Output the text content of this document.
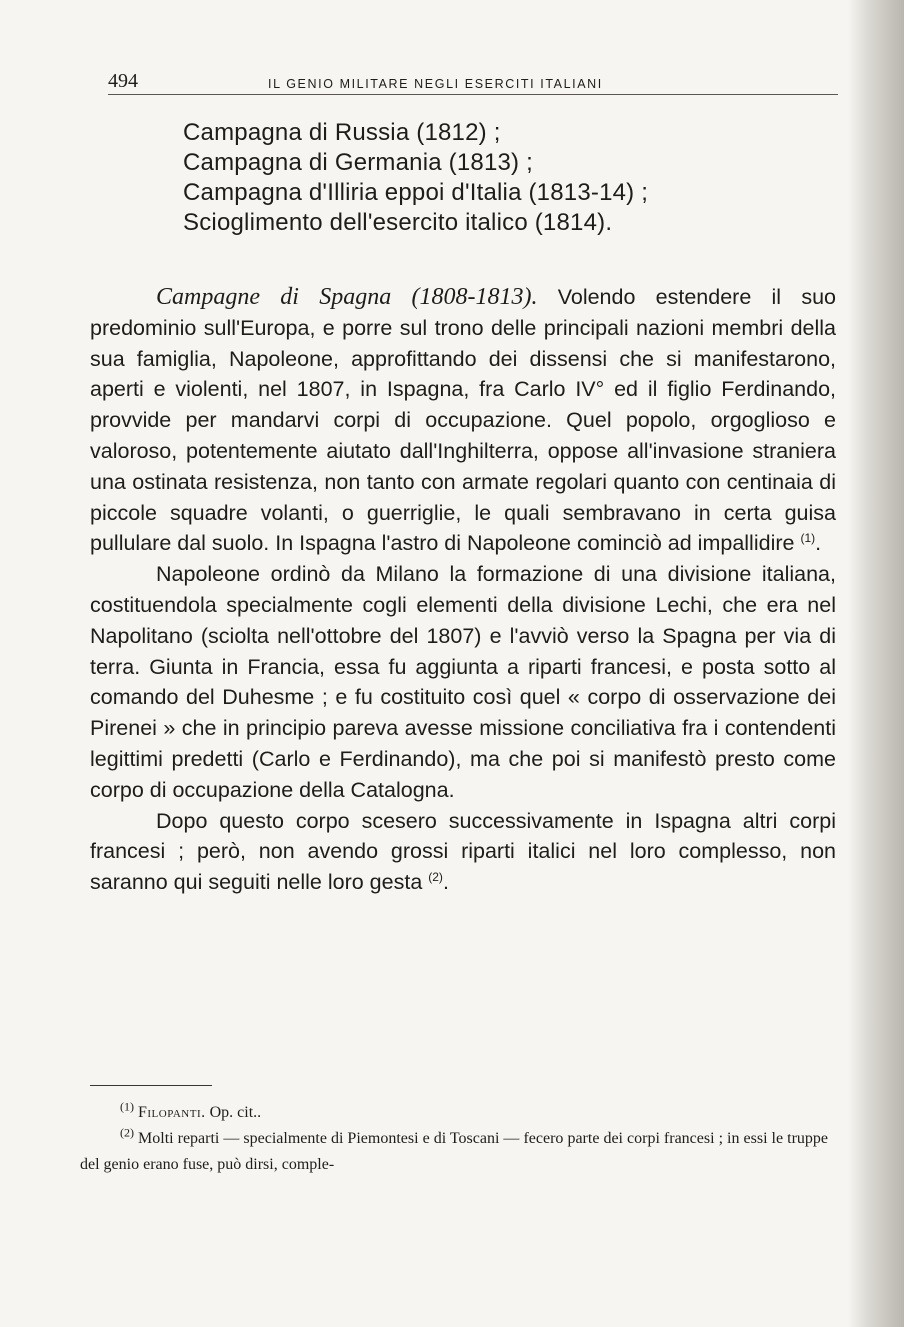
494	IL GENIO MILITARE NEGLI ESERCITI ITALIANI
Campagna di Russia (1812) ;
Campagna di Germania (1813) ;
Campagna d'Illiria eppoi d'Italia (1813-14) ;
Scioglimento dell'esercito italico (1814).

Campagne di Spagna (1808-1813). Volendo estendere il suo predominio sull'Europa, e porre sul trono delle principali nazioni membri della sua famiglia, Napoleone, approfittando dei dissensi che si manifestarono, aperti e violenti, nel 1807, in Ispagna, fra Carlo IV° ed il figlio Ferdinando, provvide per mandarvi corpi di occupazione. Quel popolo, orgoglioso e valoroso, potentemente aiutato dall'Inghilterra, oppose all'invasione straniera una ostinata resistenza, non tanto con armate regolari quanto con centinaia di piccole squadre volanti, o guerriglie, le quali sembravano in certa guisa pullulare dal suolo. In Ispagna l'astro di Napoleone cominciò ad impallidire $^{(1)}$.

Napoleone ordinò da Milano la formazione di una divisione italiana, costituendola specialmente cogli elementi della divisione Lechi, che era nel Napolitano (sciolta nell'ottobre del 1807) e l'avviò verso la Spagna per via di terra. Giunta in Francia, essa fu aggiunta a riparti francesi, e posta sotto al comando del Duhesme ; e fu costituito così quel « corpo di osservazione dei Pirenei » che in principio pareva avesse missione conciliativa fra i contendenti legittimi predetti (Carlo e Ferdinando), ma che poi si manifestò presto come corpo di occupazione della Catalogna.

Dopo questo corpo scesero successivamente in Ispagna altri corpi francesi ; però, non avendo grossi riparti italici nel loro complesso, non saranno qui seguiti nelle loro gesta $^{(2)}$.

$^{(1)}$ Filopanti. Op. cit..

$^{(2)}$ Molti reparti — specialmente di Piemontesi e di Toscani — fecero parte dei corpi francesi ; in essi le truppe del genio erano fuse, può dirsi, comple-
